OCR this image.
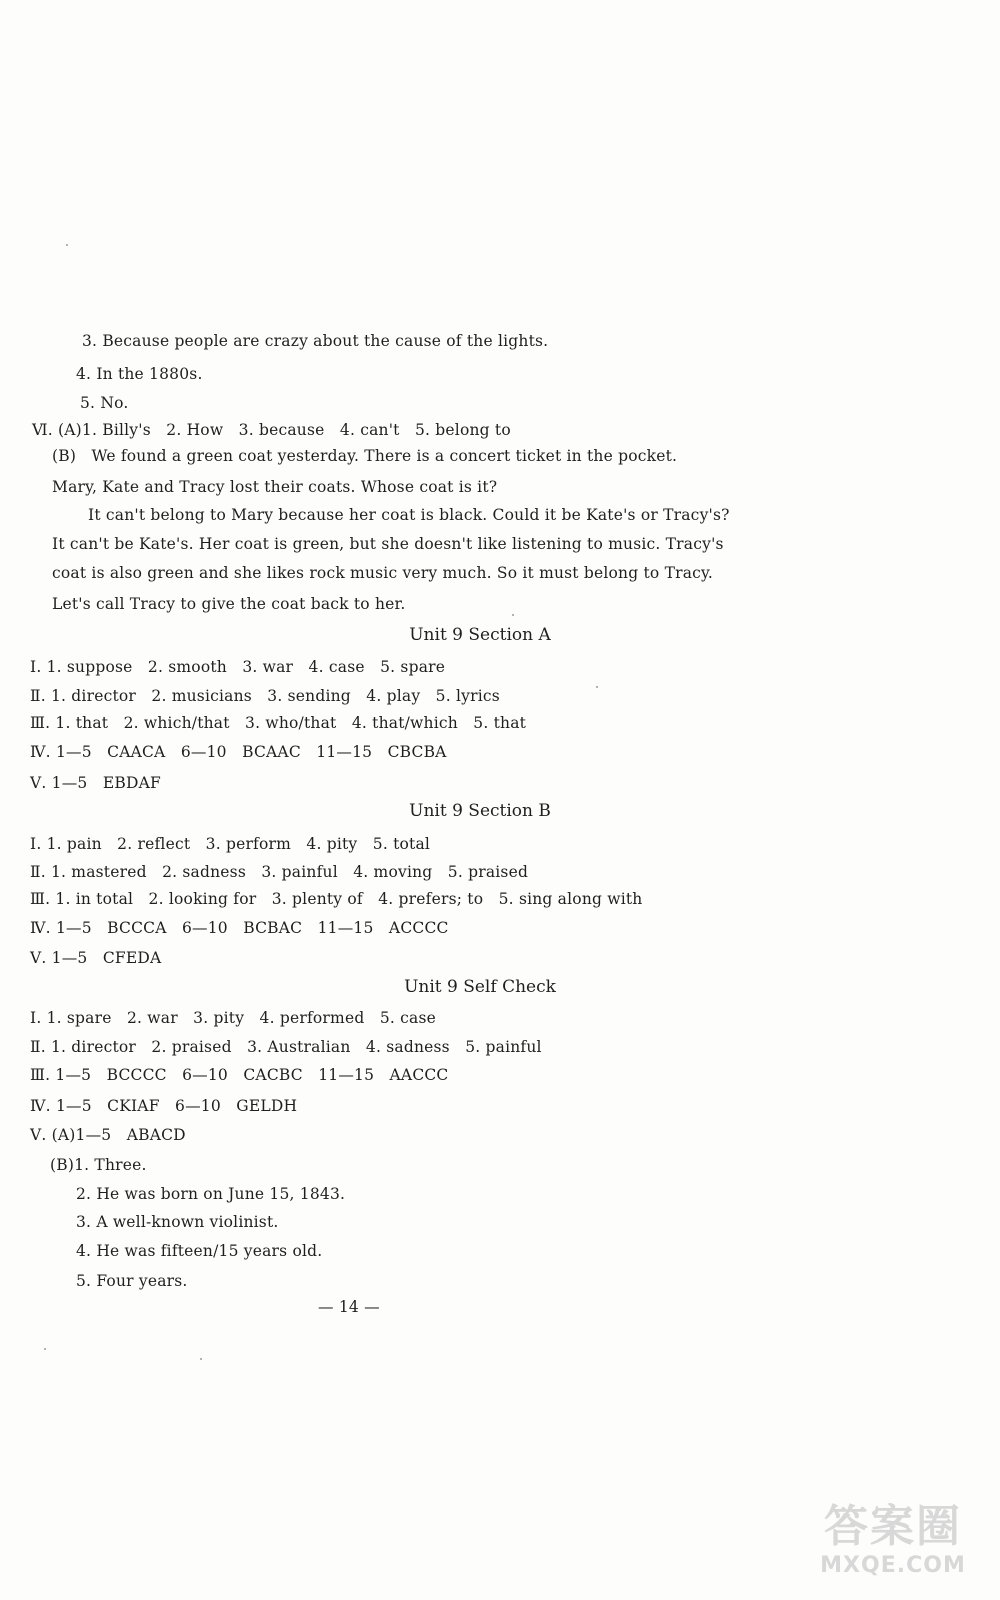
3. Because people are crazy about the cause of the lights.
4. In the 1880s.
5. No.
Ⅵ. (A)1. Billy's   2. How   3. because   4. can't   5. belong to
(B)   We found a green coat yesterday. There is a concert ticket in the pocket.
Mary, Kate and Tracy lost their coats. Whose coat is it?
It can't belong to Mary because her coat is black. Could it be Kate's or Tracy's?
It can't be Kate's. Her coat is green, but she doesn't like listening to music. Tracy's
coat is also green and she likes rock music very much. So it must belong to Tracy.
Let's call Tracy to give the coat back to her.
Unit 9 Section A
Ⅰ. 1. suppose   2. smooth   3. war   4. case   5. spare
Ⅱ. 1. director   2. musicians   3. sending   4. play   5. lyrics
Ⅲ. 1. that   2. which/that   3. who/that   4. that/which   5. that
Ⅳ. 1—5   CAACA   6—10   BCAAC   11—15   CBCBA
Ⅴ. 1—5   EBDAF
Unit 9 Section B
Ⅰ. 1. pain   2. reflect   3. perform   4. pity   5. total
Ⅱ. 1. mastered   2. sadness   3. painful   4. moving   5. praised
Ⅲ. 1. in total   2. looking for   3. plenty of   4. prefers; to   5. sing along with
Ⅳ. 1—5   BCCCA   6—10   BCBAC   11—15   ACCCC
Ⅴ. 1—5   CFEDA
Unit 9 Self Check
Ⅰ. 1. spare   2. war   3. pity   4. performed   5. case
Ⅱ. 1. director   2. praised   3. Australian   4. sadness   5. painful
Ⅲ. 1—5   BCCCC   6—10   CACBC   11—15   AACCC
Ⅳ. 1—5   CKIAF   6—10   GELDH
Ⅴ. (A)1—5   ABACD
(B)1. Three.
2. He was born on June 15, 1843.
3. A well-known violinist.
4. He was fifteen/15 years old.
5. Four years.
— 14 —
答案圈
MXQE.COM
